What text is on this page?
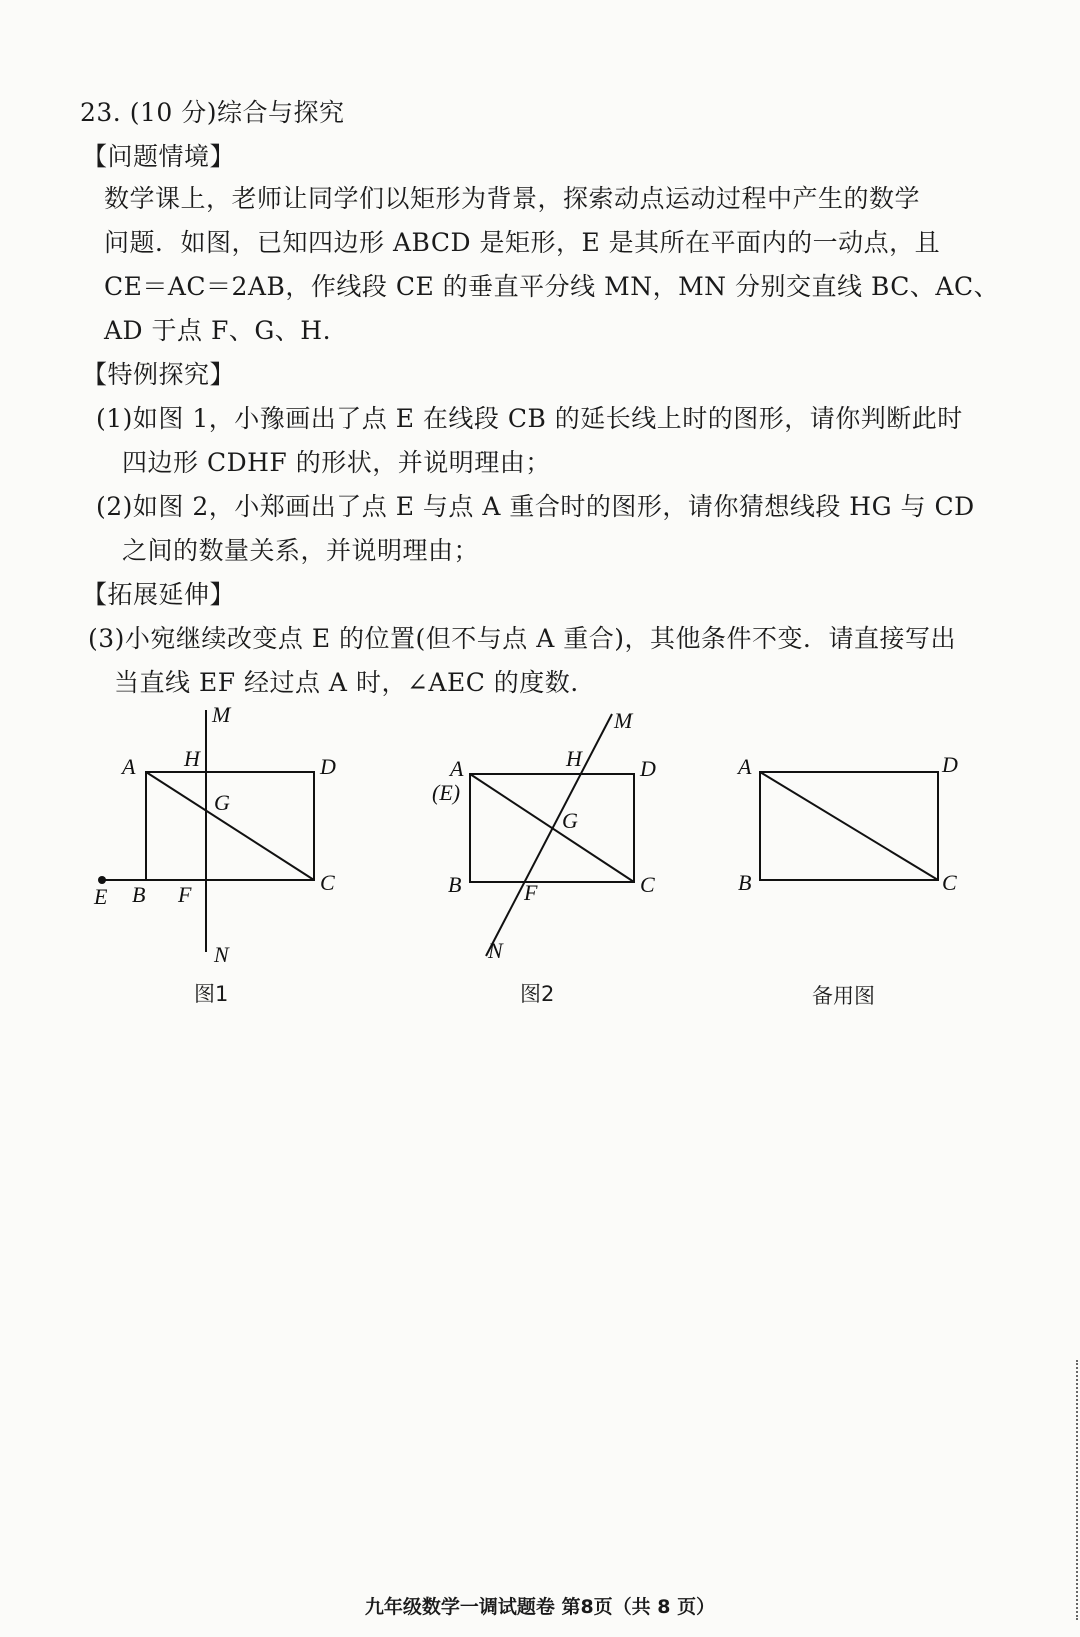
23. (10 分)综合与探究
【问题情境】
数学课上，老师让同学们以矩形为背景，探索动点运动过程中产生的数学
问题．如图，已知四边形 ABCD 是矩形，E 是其所在平面内的一动点，且
CE＝AC＝2AB，作线段 CE 的垂直平分线 MN，MN 分别交直线 BC、AC、
AD 于点 F、G、H.
【特例探究】
(1)如图 1，小豫画出了点 E 在线段 CB 的延长线上时的图形，请你判断此时
四边形 CDHF 的形状，并说明理由；
(2)如图 2，小郑画出了点 E 与点 A 重合时的图形，请你猜想线段 HG 与 CD
之间的数量关系，并说明理由；
【拓展延伸】
(3)小宛继续改变点 E 的位置(但不与点 A 重合)，其他条件不变．请直接写出
当直线 EF 经过点 A 时，∠AEC 的度数.
M
A H	D
G
E B F	C
N
图1
M
A
(E)
H	D
G
B	F	C
N
图2
A	D
B	C
备用图
九年级数学一调试题卷 第8页（共 8 页）
